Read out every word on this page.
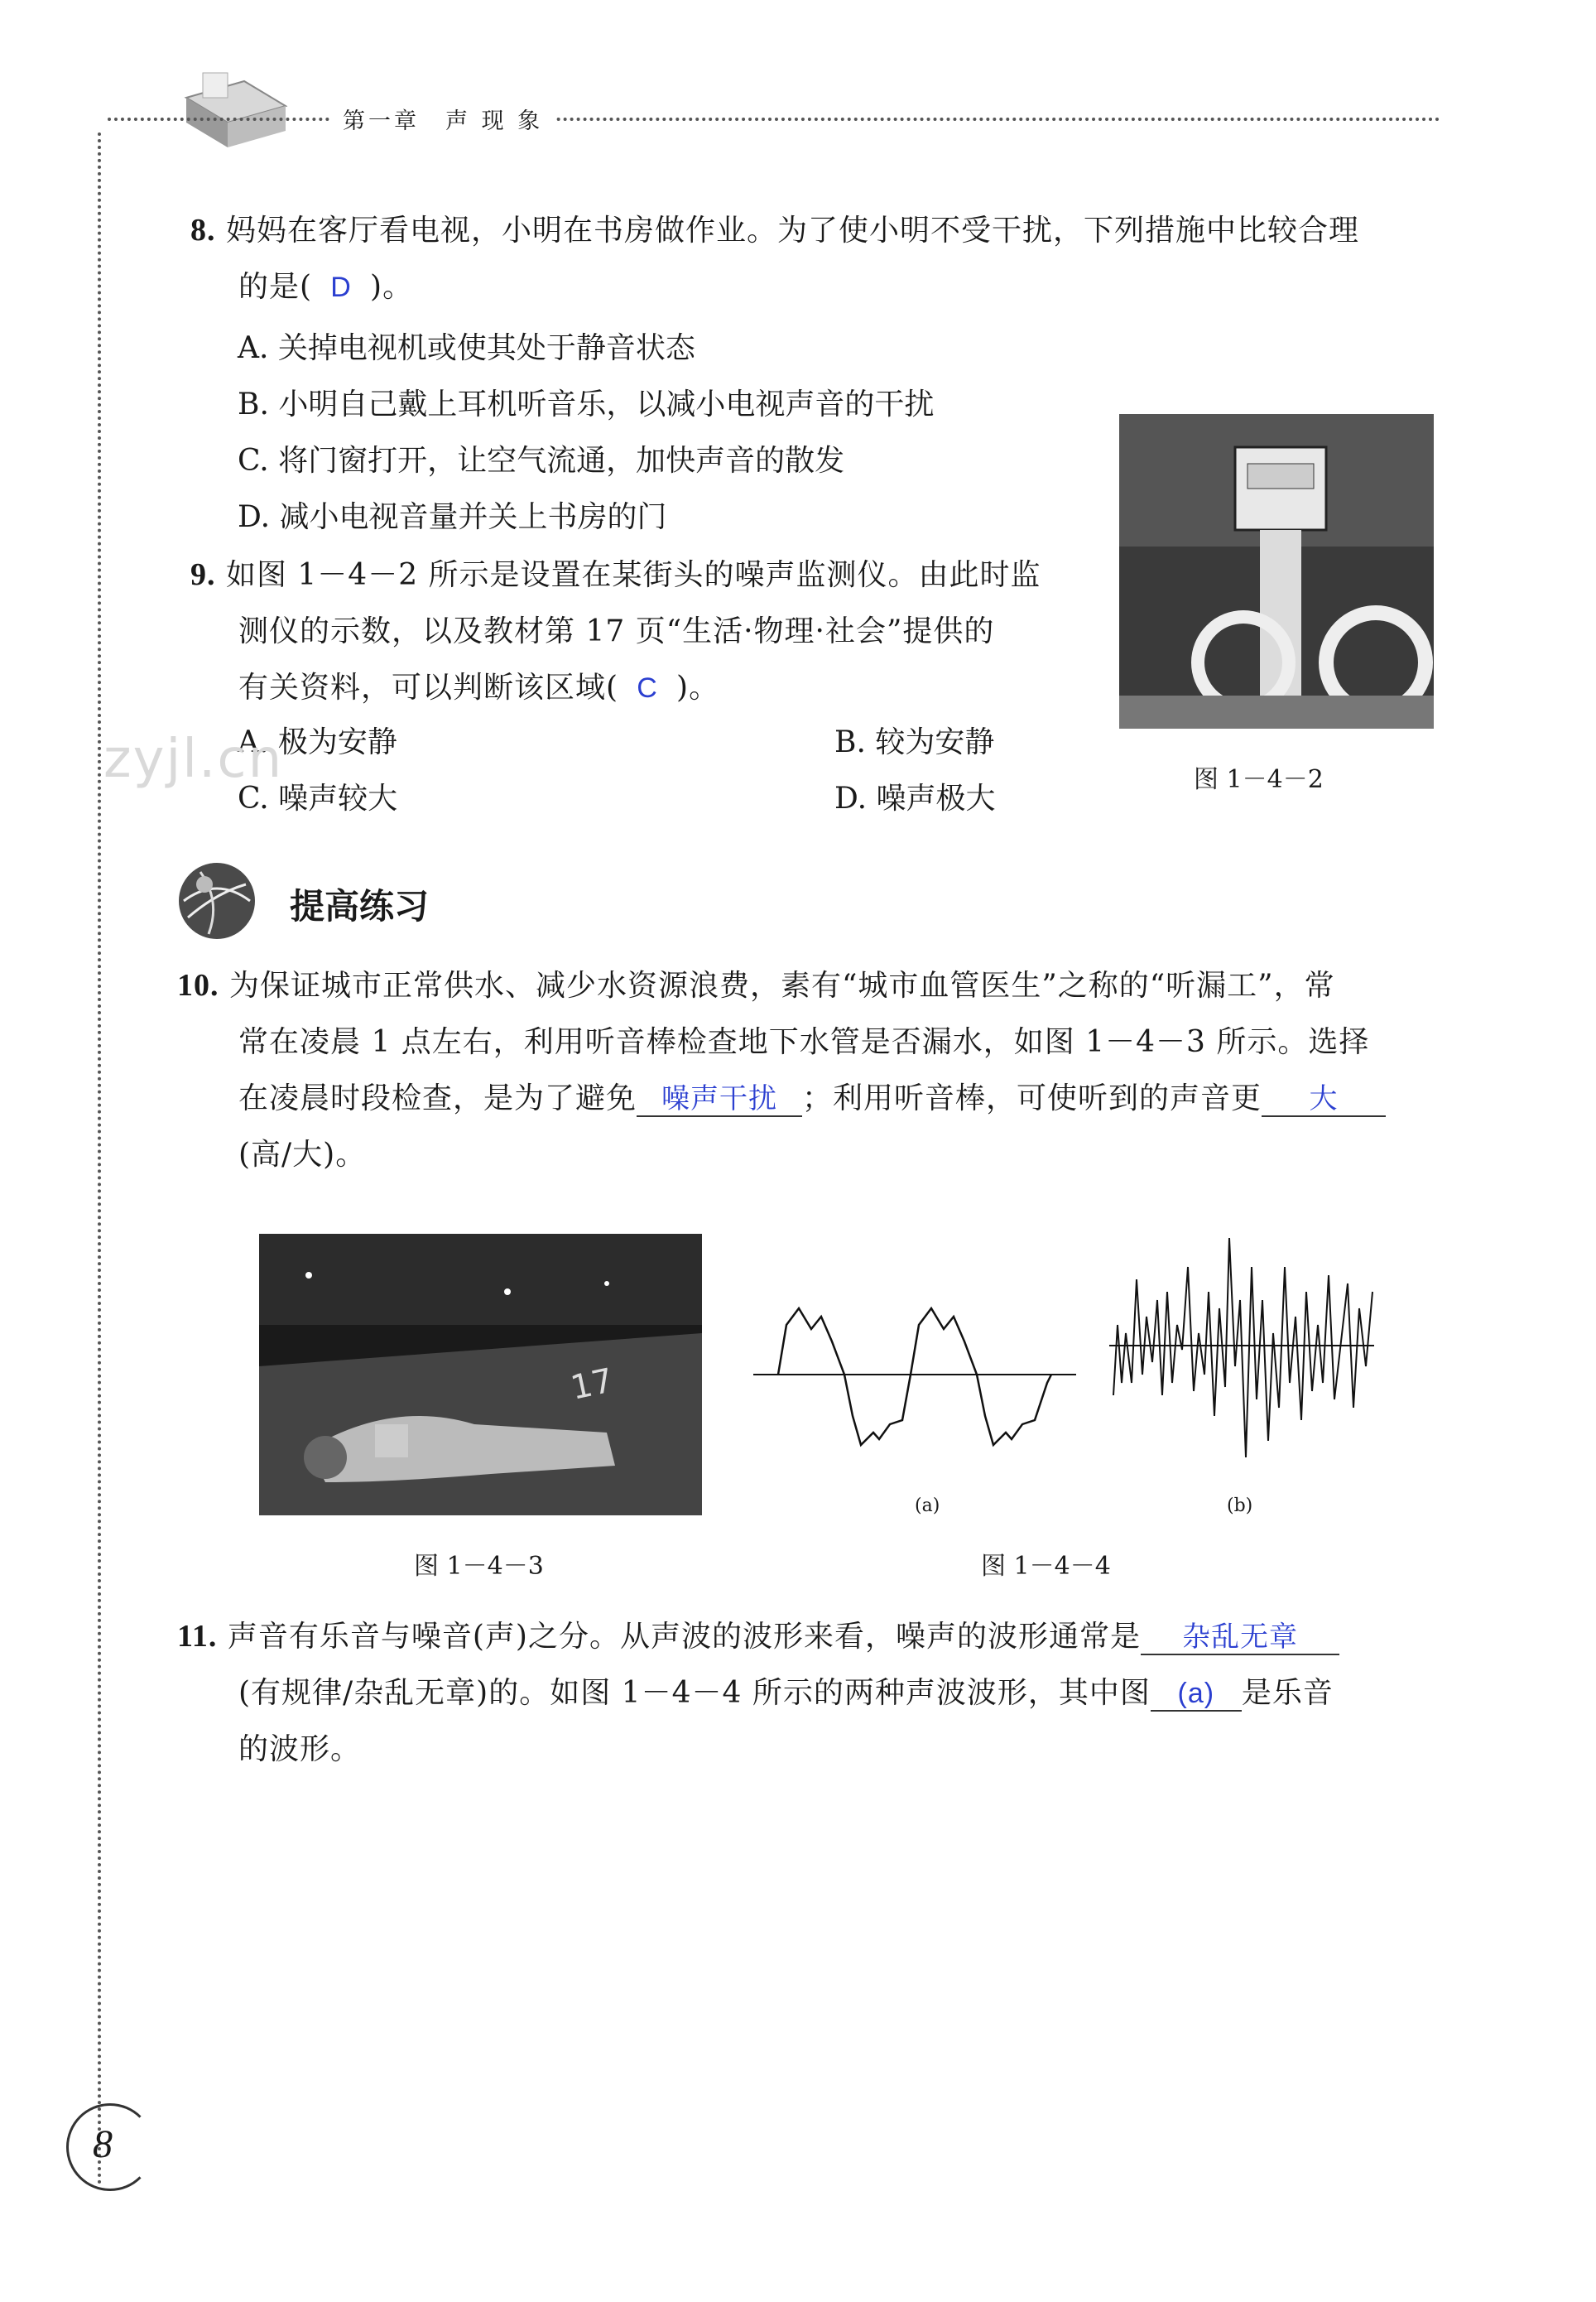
第一章　声 现 象
8. 妈妈在客厅看电视，小明在书房做作业。为了使小明不受干扰，下列措施中比较合理
的是( D )。
A. 关掉电视机或使其处于静音状态
B. 小明自己戴上耳机听音乐，以减小电视声音的干扰
C. 将门窗打开，让空气流通，加快声音的散发
D. 减小电视音量并关上书房的门
图 1－4－2
9. 如图 1－4－2 所示是设置在某街头的噪声监测仪。由此时监
测仪的示数，以及教材第 17 页“生活·物理·社会”提供的
有关资料，可以判断该区域( C )。
A. 极为安静	B. 较为安静
C. 噪声较大	D. 噪声极大
zyjl.cn
提高练习
10. 为保证城市正常供水、减少水资源浪费，素有“城市血管医生”之称的“听漏工”，常
常在凌晨 1 点左右，利用听音棒检查地下水管是否漏水，如图 1－4－3 所示。选择
在凌晨时段检查，是为了避免 噪声干扰 ；利用听音棒，可使听到的声音更 大
(高/大)。
17
图 1－4－3
(a)	(b)
图 1－4－4
11. 声音有乐音与噪音(声)之分。从声波的波形来看，噪声的波形通常是 杂乱无章
(有规律/杂乱无章)的。如图 1－4－4 所示的两种声波波形，其中图 (a) 是乐音
的波形。
8
